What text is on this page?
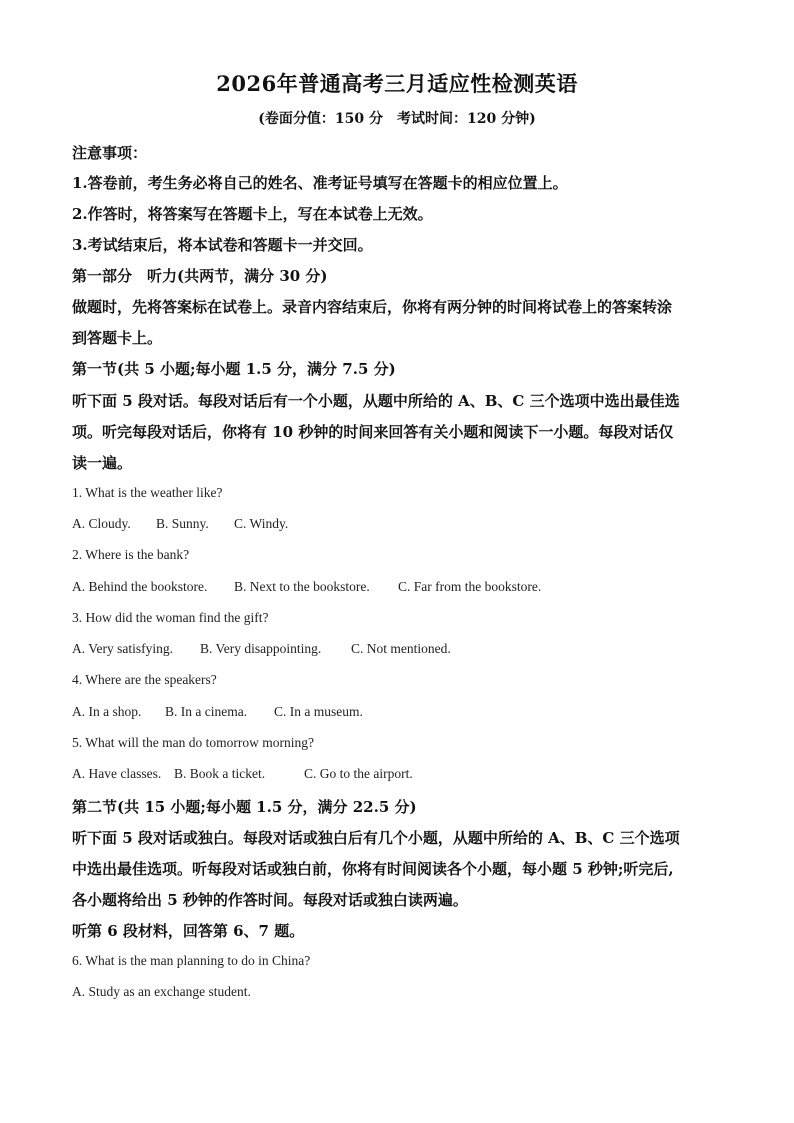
2026年普通高考三月适应性检测英语
(卷面分值：150 分　考试时间：120 分钟)
注意事项：
1.答卷前，考生务必将自己的姓名、准考证号填写在答题卡的相应位置上。
2.作答时，将答案写在答题卡上，写在本试卷上无效。
3.考试结束后，将本试卷和答题卡一并交回。
第一部分　听力(共两节，满分 30 分)
做题时，先将答案标在试卷上。录音内容结束后，你将有两分钟的时间将试卷上的答案转涂
到答题卡上。
第一节(共 5 小题;每小题 1.5 分，满分 7.5 分)
听下面 5 段对话。每段对话后有一个小题，从题中所给的 A、B、C 三个选项中选出最佳选
项。听完每段对话后，你将有 10 秒钟的时间来回答有关小题和阅读下一小题。每段对话仅
读一遍。
1. What is the weather like?
A. Cloudy. B. Sunny. C. Windy.
2. Where is the bank?
A. Behind the bookstore. B. Next to the bookstore. C. Far from the bookstore.
3. How did the woman find the gift?
A. Very satisfying. B. Very disappointing. C. Not mentioned.
4. Where are the speakers?
A. In a shop. B. In a cinema. C. In a museum.
5. What will the man do tomorrow morning?
A. Have classes. B. Book a ticket.	C. Go to the airport.
第二节(共 15 小题;每小题 1.5 分，满分 22.5 分)
听下面 5 段对话或独白。每段对话或独白后有几个小题，从题中所给的 A、B、C 三个选项
中选出最佳选项。听每段对话或独白前，你将有时间阅读各个小题，每小题 5 秒钟;听完后,
各小题将给出 5 秒钟的作答时间。每段对话或独白读两遍。
听第 6 段材料，回答第 6、7 题。
6. What is the man planning to do in China?
A. Study as an exchange student.
